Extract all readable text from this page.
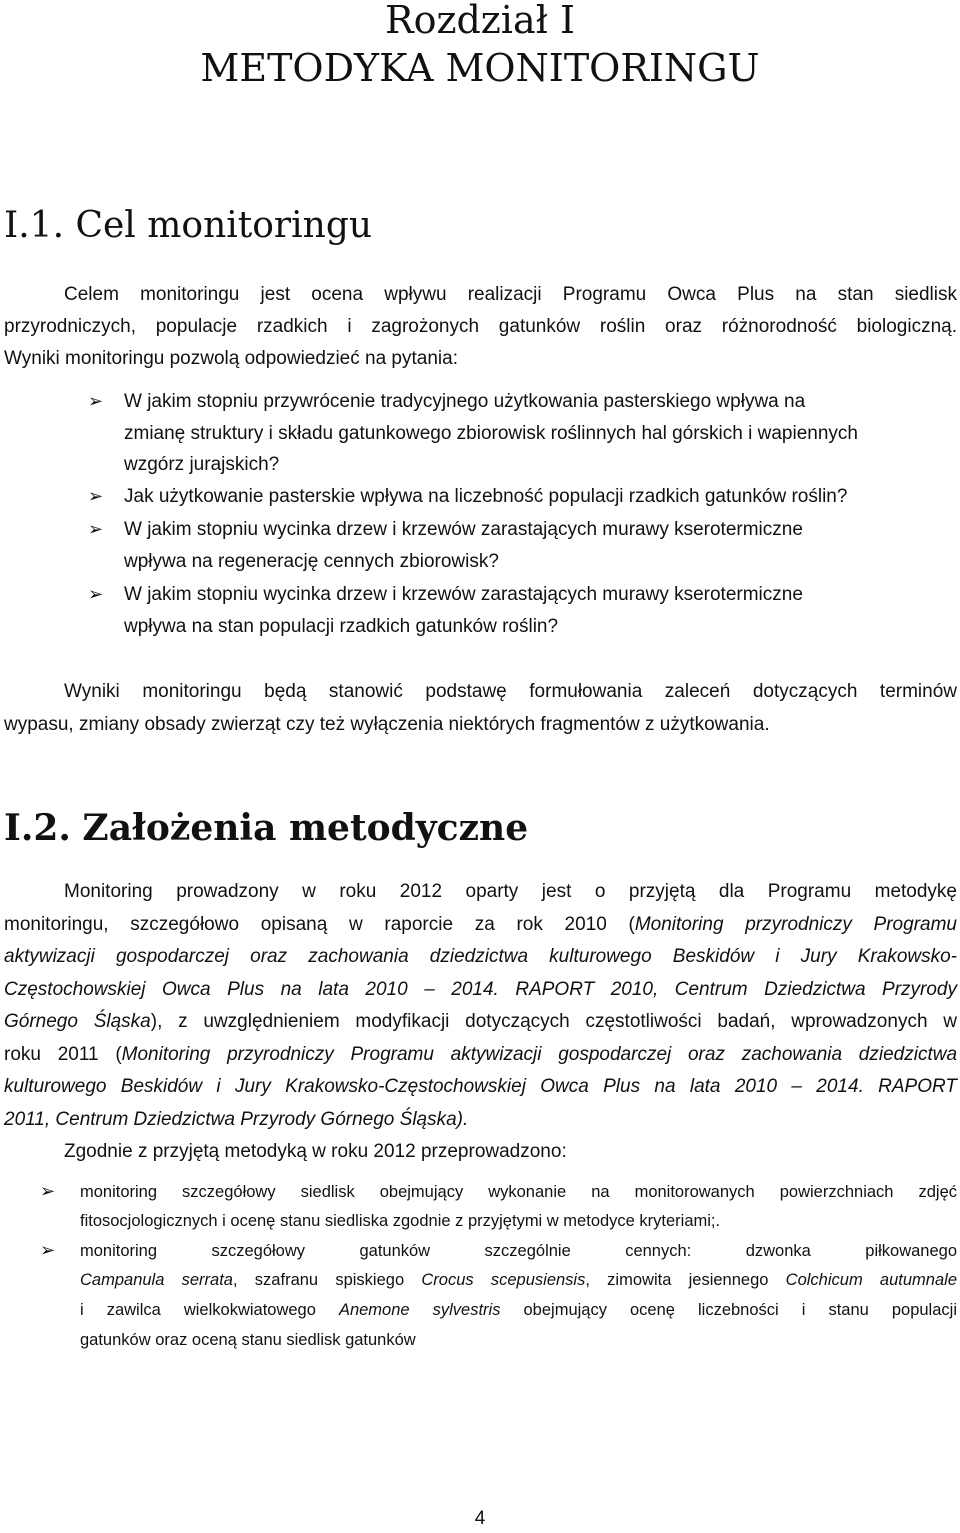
Rozdział I
METODYKA MONITORINGU
I.1. Cel monitoringu

Celem monitoringu jest ocena wpływu realizacji Programu Owca Plus na stan siedlisk

przyrodniczych, populacje rzadkich i zagrożonych gatunków roślin oraz różnorodność biologiczną.

Wyniki monitoringu pozwolą odpowiedzieć na pytania:

➢ W jakim stopniu przywrócenie tradycyjnego użytkowania pasterskiego wpływa na

zmianę struktury i składu gatunkowego zbiorowisk roślinnych hal górskich i wapiennych

wzgórz jurajskich?

➢ Jak użytkowanie pasterskie wpływa na liczebność populacji rzadkich gatunków roślin?

➢ W jakim stopniu wycinka drzew i krzewów zarastających murawy kserotermiczne

wpływa na regenerację cennych zbiorowisk?

➢ W jakim stopniu wycinka drzew i krzewów zarastających murawy kserotermiczne

wpływa na stan populacji rzadkich gatunków roślin?

Wyniki monitoringu będą stanowić podstawę formułowania zaleceń dotyczących terminów

wypasu, zmiany obsady zwierząt czy też wyłączenia niektórych fragmentów z użytkowania.

I.2. Założenia metodyczne

Monitoring prowadzony w roku 2012 oparty jest o przyjętą dla Programu metodykę

monitoringu, szczegółowo opisaną w raporcie za rok 2010 (Monitoring przyrodniczy Programu

aktywizacji gospodarczej oraz zachowania dziedzictwa kulturowego Beskidów i Jury Krakowsko-

Częstochowskiej Owca Plus na lata 2010 – 2014. RAPORT 2010, Centrum Dziedzictwa Przyrody

Górnego Śląska), z uwzględnieniem modyfikacji dotyczących częstotliwości badań, wprowadzonych w

roku 2011 (Monitoring przyrodniczy Programu aktywizacji gospodarczej oraz zachowania dziedzictwa

kulturowego Beskidów i Jury Krakowsko-Częstochowskiej Owca Plus na lata 2010 – 2014. RAPORT

2011, Centrum Dziedzictwa Przyrody Górnego Śląska).

Zgodnie z przyjętą metodyką w roku 2012 przeprowadzono:

➢ monitoring szczegółowy siedlisk obejmujący wykonanie na monitorowanych powierzchniach zdjęć

fitosocjologicznych i ocenę stanu siedliska zgodnie z przyjętymi w metodyce kryteriami;.

➢ monitoring szczegółowy gatunków szczególnie cennych: dzwonka piłkowanego

Campanula serrata, szafranu spiskiego Crocus scepusiensis, zimowita jesiennego Colchicum autumnale

i zawilca wielkokwiatowego Anemone sylvestris obejmujący ocenę liczebności i stanu populacji

gatunków oraz oceną stanu siedlisk gatunków

4
